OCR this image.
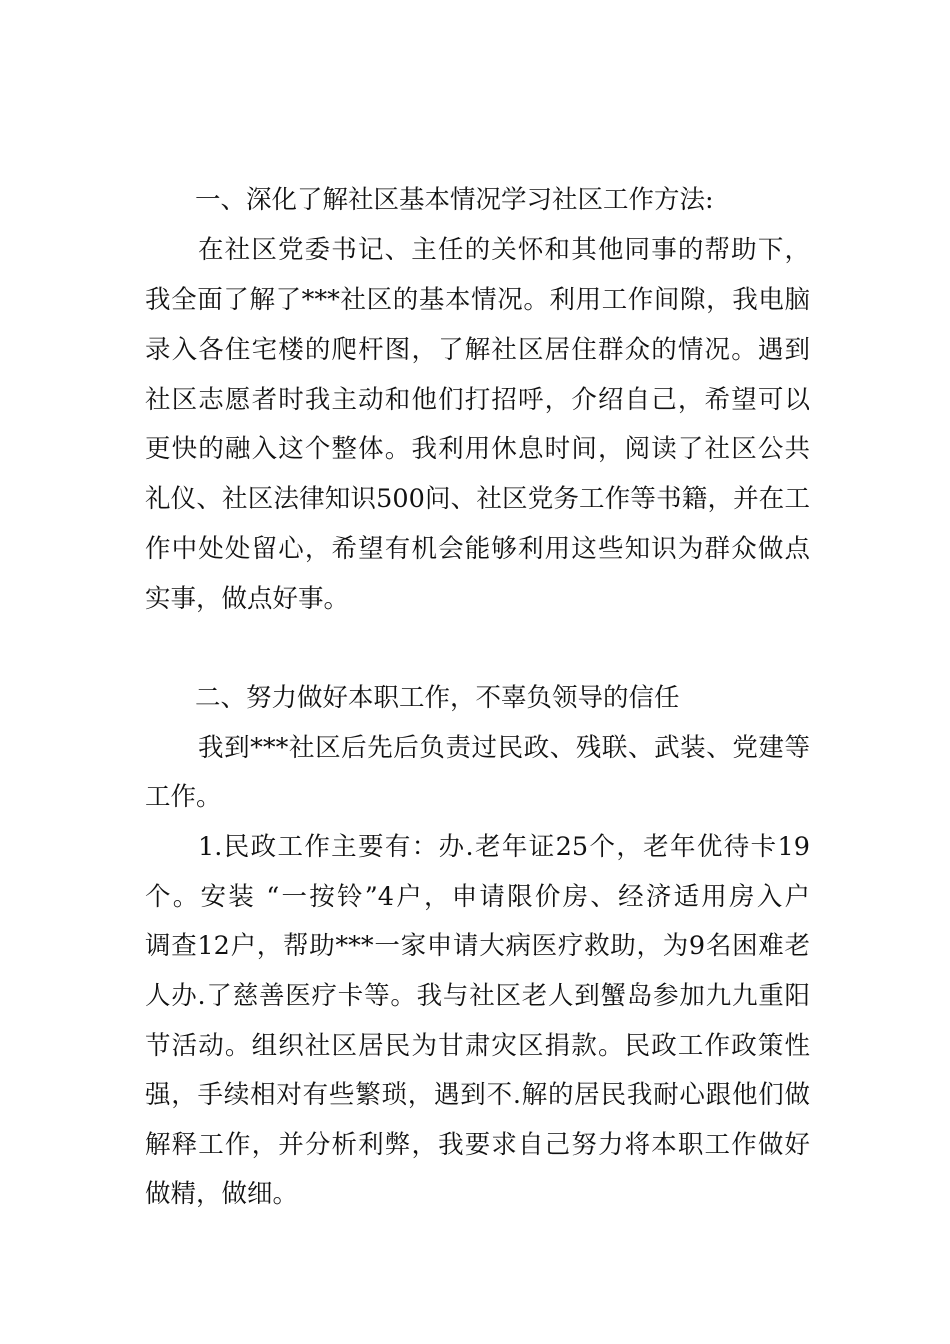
一、深化了解社区基本情况学习社区工作方法:
在社区党委书记、主任的关怀和其他同事的帮助下，
我全面了解了***社区的基本情况。利用工作间隙，我电脑
录入各住宅楼的爬杆图，了解社区居住群众的情况。遇到
社区志愿者时我主动和他们打招呼，介绍自己，希望可以
更快的融入这个整体。我利用休息时间，阅读了社区公共
礼仪、社区法律知识500问、社区党务工作等书籍，并在工
作中处处留心，希望有机会能够利用这些知识为群众做点
实事，做点好事。
二、努力做好本职工作，不辜负领导的信任
我到***社区后先后负责过民政、残联、武装、党建等
工作。
1.民政工作主要有：办.老年证25个，老年优待卡19
个。安装 “一按铃”4户，申请限价房、经济适用房入户
调查12户，帮助***一家申请大病医疗救助，为9名困难老
人办.了慈善医疗卡等。我与社区老人到蟹岛参加九九重阳
节活动。组织社区居民为甘肃灾区捐款。民政工作政策性
强，手续相对有些繁琐，遇到不.解的居民我耐心跟他们做
解释工作，并分析利弊，我要求自己努力将本职工作做好
做精，做细。
